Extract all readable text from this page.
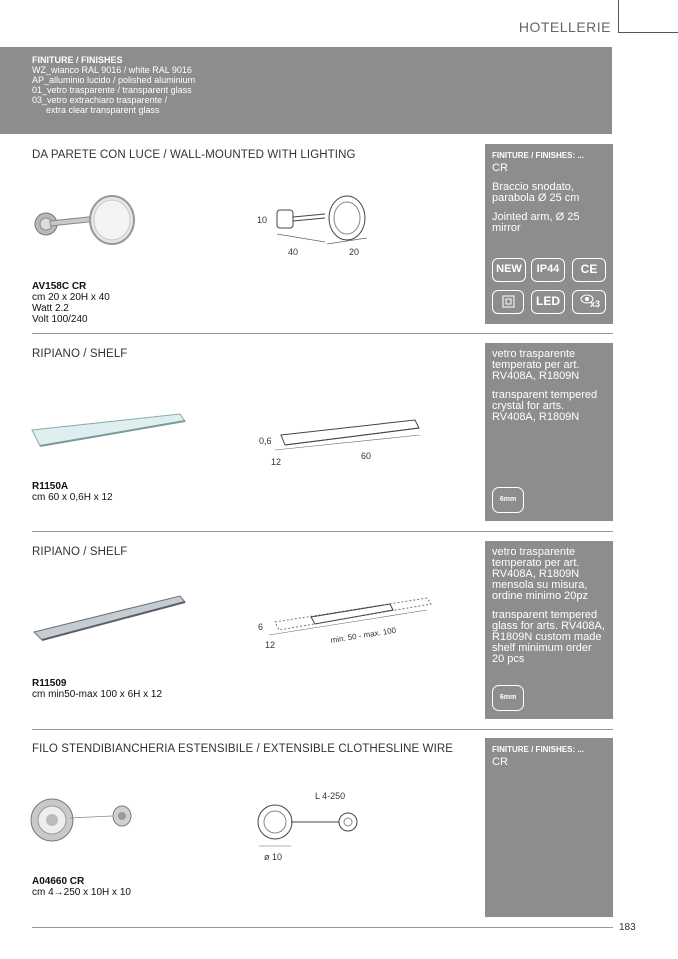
HOTELLERIE
FINITURE / FINISHES
WZ_wianco RAL 9016 / white RAL 9016
AP_alluminio lucido / polished aluminium
01_vetro trasparente / transparent glass
03_vetro extrachiaro trasparente /
extra clear transparent glass
DA PARETE CON LUCE / WALL-MOUNTED WITH LIGHTING
10
40	20
AV158C CR
cm 20 x 20H x 40
Watt 2.2
Volt 100/240
FINITURE / FINISHES: ...

CR

Braccio snodato, parabola Ø 25 cm

Jointed arm, Ø 25 mirror

NEW	IP44	CE
LED	x3
RIPIANO / SHELF
0,6
12
60
R1150A
cm 60 x 0,6H x 12

vetro trasparente temperato per art. RV408A, R1809N

transparent tempered crystal for arts. RV408A, R1809N

6mm
RIPIANO / SHELF
6
12
min. 50 - max. 100
R11509
cm min50-max 100 x 6H x 12

vetro trasparente temperato per art. RV408A, R1809N mensola su misura, ordine minimo 20pz

transparent tempered glass for arts. RV408A, R1809N custom made shelf minimum order 20 pcs

6mm
FILO STENDIBIANCHERIA ESTENSIBILE / EXTENSIBLE CLOTHESLINE WIRE
L 4-250
ø 10
A04660 CR
cm 4→250 x 10H x 10
FINITURE / FINISHES: ...

CR

183
